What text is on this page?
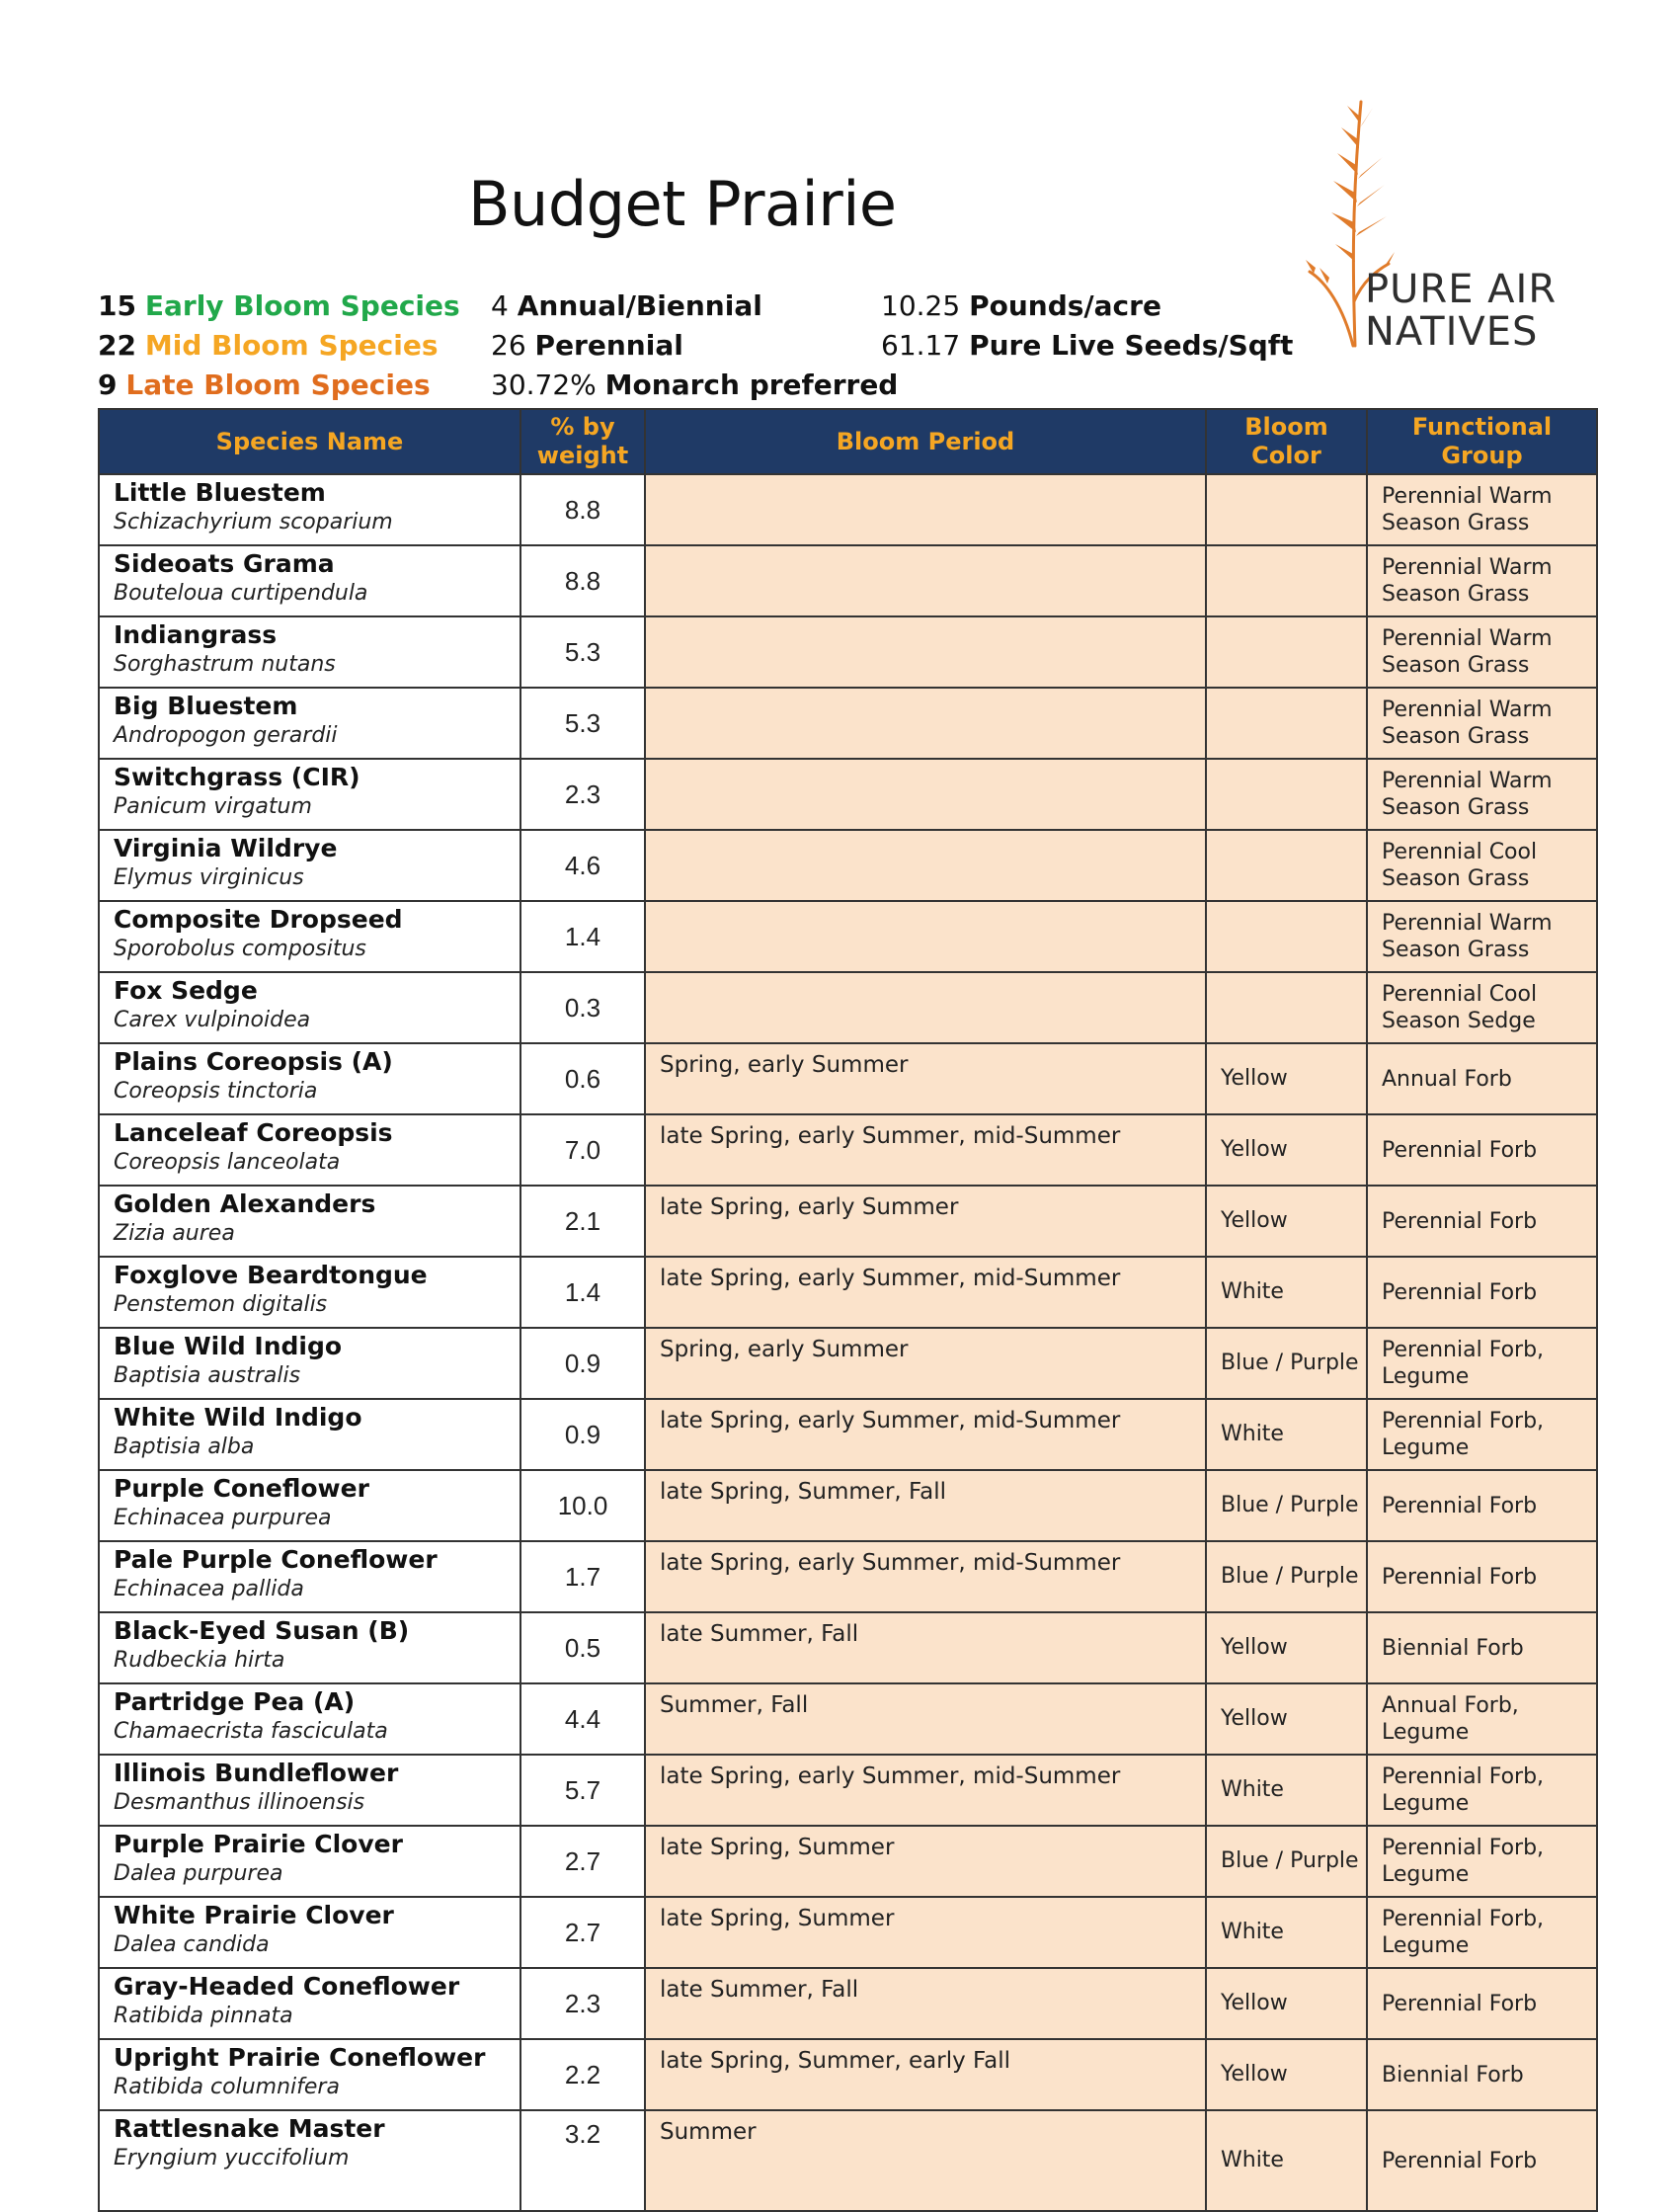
Budget Prairie
PURE AIR
NATIVES
15 Early Bloom Species
22 Mid Bloom Species
9 Late Bloom Species
4 Annual/Biennial
26 Perennial
30.72% Monarch preferred
10.25 Pounds/acre
61.17 Pure Live Seeds/Sqft
Species Name	% by weight	Bloom Period	Bloom Color	Functional Group

Little Bluestem
Schizachyrium scoparium	8.8			Perennial Warm Season Grass

Sideoats Grama
Bouteloua curtipendula	8.8			Perennial Warm Season Grass

Indiangrass
Sorghastrum nutans	5.3			Perennial Warm Season Grass

Big Bluestem
Andropogon gerardii	5.3			Perennial Warm Season Grass

Switchgrass (CIR)
Panicum virgatum	2.3			Perennial Warm Season Grass

Virginia Wildrye
Elymus virginicus	4.6			Perennial Cool Season Grass

Composite Dropseed
Sporobolus compositus	1.4			Perennial Warm Season Grass

Fox Sedge
Carex vulpinoidea	0.3			Perennial Cool Season Sedge

Plains Coreopsis (A)
Coreopsis tinctoria	0.6	Spring, early Summer	Yellow	Annual Forb

Lanceleaf Coreopsis
Coreopsis lanceolata	7.0	late Spring, early Summer, mid-Summer	Yellow	Perennial Forb

Golden Alexanders
Zizia aurea	2.1	late Spring, early Summer	Yellow	Perennial Forb

Foxglove Beardtongue
Penstemon digitalis	1.4	late Spring, early Summer, mid-Summer	White	Perennial Forb

Blue Wild Indigo
Baptisia australis	0.9	Spring, early Summer	Blue / Purple	Perennial Forb, Legume

White Wild Indigo
Baptisia alba	0.9	late Spring, early Summer, mid-Summer	White	Perennial Forb, Legume

Purple Coneflower
Echinacea purpurea	10.0	late Spring, Summer, Fall	Blue / Purple	Perennial Forb

Pale Purple Coneflower
Echinacea pallida	1.7	late Spring, early Summer, mid-Summer	Blue / Purple	Perennial Forb

Black-Eyed Susan (B)
Rudbeckia hirta	0.5	late Summer, Fall	Yellow	Biennial Forb

Partridge Pea (A)
Chamaecrista fasciculata	4.4	Summer, Fall	Yellow	Annual Forb, Legume

Illinois Bundleflower
Desmanthus illinoensis	5.7	late Spring, early Summer, mid-Summer	White	Perennial Forb, Legume

Purple Prairie Clover
Dalea purpurea	2.7	late Spring, Summer	Blue / Purple	Perennial Forb, Legume

White Prairie Clover
Dalea candida	2.7	late Spring, Summer	White	Perennial Forb, Legume

Gray-Headed Coneflower
Ratibida pinnata	2.3	late Summer, Fall	Yellow	Perennial Forb

Upright Prairie Coneflower
Ratibida columnifera	2.2	late Spring, Summer, early Fall	Yellow	Biennial Forb

Rattlesnake Master
Eryngium yuccifolium	3.2	Summer	White	Perennial Forb
